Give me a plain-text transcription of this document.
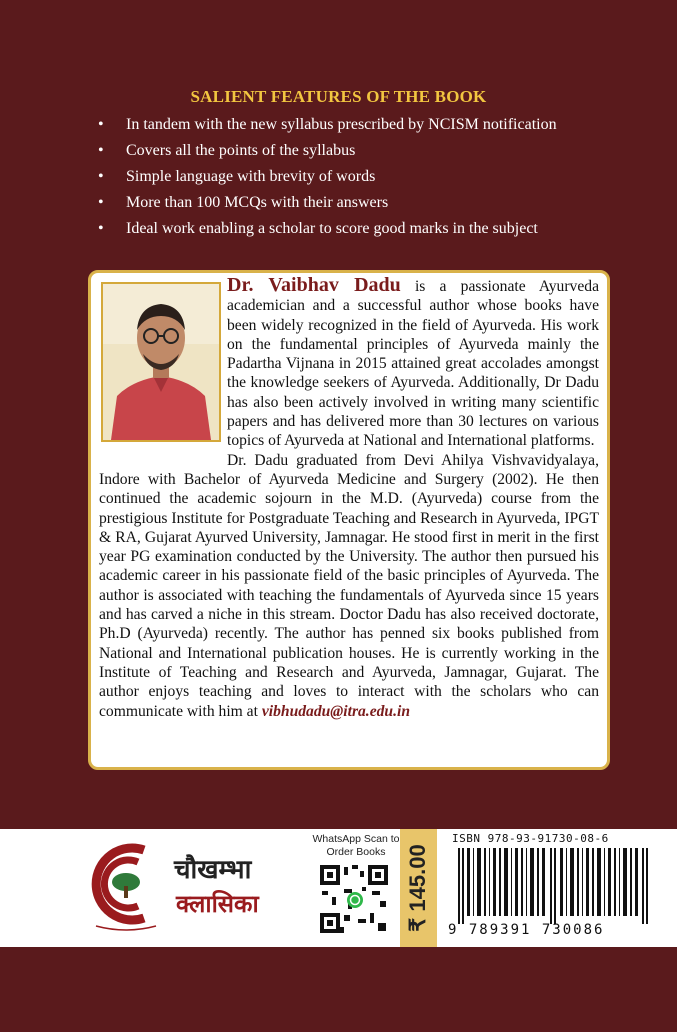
SALIENT FEATURES OF THE BOOK
• In tandem with the new syllabus prescribed by NCISM notification
• Covers all the points of the syllabus
• Simple language with brevity of words
• More than 100 MCQs with their answers
• Ideal work enabling a scholar to score good marks in the subject
Dr. Vaibhav Dadu is a passionate Ayurveda academician and a successful author whose books have been widely recognized in the field of Ayurveda. His work on the fundamental principles of Ayurveda mainly the Padartha Vijnana in 2015 attained great accolades amongst the knowledge seekers of Ayurveda. Additionally, Dr Dadu has also been actively involved in writing many scientific papers and has delivered more than 30 lectures on various topics of Ayurveda at National and International platforms.
Dr. Dadu graduated from Devi Ahilya Vishvavidyalaya, Indore with Bachelor of Ayurveda Medicine and Surgery (2002). He then continued the academic sojourn in the M.D. (Ayurveda) course from the prestigious Institute for Postgraduate Teaching and Research in Ayurveda, IPGT & RA, Gujarat Ayurved University, Jamnagar. He stood first in merit in the first year PG examination conducted by the University. The author then pursued his academic career in his passionate field of the basic principles of Ayurveda. The author is associated with teaching the fundamentals of Ayurveda since 15 years and has carved a niche in this stream. Doctor Dadu has also received doctorate, Ph.D (Ayurveda) recently. The author has penned six books published from National and International publication houses. He is currently working in the Institute of Teaching and Research and Ayurveda, Jamnagar, Gujarat. The author enjoys teaching and loves to interact with the scholars who can communicate with him at vibhudadu@itra.edu.in
चौखम्भा
क्लासिका
WhatsApp Scan to Order Books ₹ 145.00
ISBN 978-93-91730-08-6
9 789391 730086
